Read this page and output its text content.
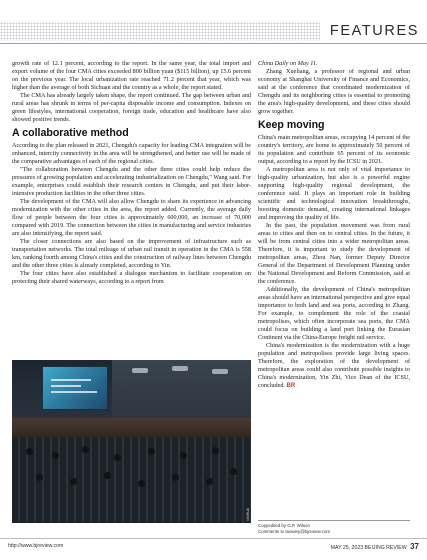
FEATURES

growth rate of 12.1 percent, according to the report. In the same year, the total import and export volume of the four CMA cities exceeded 800 billion yuan ($115 billion), up 15.6 percent on the previous year. The local urbanization rate reached 71.2 percent that year, which was higher than the average of both Sichuan and the country as a whole, the report stated.

The CMA has already largely taken shape, the report continued. The gap between urban and rural areas has shrunk in terms of per-capita disposable income and consumption. Indexes on green lifestyles, international cooperation, foreign trade, education and healthcare have also showed positive trends.

A collaborative method

According to the plan released in 2021, Chengdu's capacity for leading CMA integration will be enhanced, intercity connectivity in the area will be strengthened, and better use will be made of the comparative advantages of each of the regional cities.

"The collaboration between Chengdu and the other three cities could help reduce the pressures of growing population and accelerating industrialization on Chengdu," Wang said. For example, enterprises could establish their research centers in Chengdu, and put their labor-intensive production facilities in the other three cities.

The development of the CMA will also allow Chengdu to share its experience in advancing modernization with the other cities in the area, the report added. Currently, the average daily flow of people between the four cities is approximately 600,000, an increase of 70,000 compared with 2019. The connection between the cities in manufacturing and service industries are also intensifying, the report said.

The closer connections are also based on the improvement of infrastructure such as transportation networks. The total mileage of urban rail transit in operation in the CMA is 558 km, ranking fourth among China's cities and the construction of railway lines between Chengdu and the other three cities is already completed, according to Yin.

The four cities have also established a dialogue mechanism to facilitate cooperation on protecting their shared waterways, according to a report from

XINHUA

China Daily on May 11.

Zhang Xueliang, a professor of regional and urban economy at Shanghai University of Finance and Economics, said at the conference that coordinated modernization of Chengdu and its neighboring cities is essential to promoting the area's high-quality development, and these cities should grow together.

Keep moving

China's main metropolitan areas, occupying 14 percent of the country's territory, are home to approximately 50 percent of its population and contribute 65 percent of its economic output, according to a report by the ICSU in 2021.

A metropolitan area is not only of vital importance to high-quality urbanization, but also is a powerful engine supporting high-quality regional development, the conference said. It plays an important role in building scientific and technological innovation breakthroughs, boosting domestic demand, creating international linkages and improving the quality of life.

In the past, the population movement was from rural areas to cities and then on to central cities. In the future, it will be from central cities into a wider metropolitan areas. Therefore, it is important to study the development of metropolitan areas, Zhou Nan, former Deputy Director General of the Department of Development Planning under the National Development and Reform Commission, said at the conference.

Additionally, the development of China's metropolitan areas should have an international perspective and give equal importance to both land and sea ports, according to Zhang. For example, to complement the role of the coastal metropolises, which often incorporate sea ports, the CMA could focus on building a land port linking the Eurasian Continent via the China-Europe freight rail service.

China's modernization is the modernization with a huge population and metropolises provide large living spaces. Therefore, the exploration of the development of metropolitan areas could also contribute possible insights to China's modernization, Yin Zhi, Vice Dean of the ICSU, concluded. BR

Copyedited by G.P. Wilson
Comments to taoweiy@bjreview.com
http://www.bjreview.com	MAY 25, 2023 BEIJING REVIEW 37
